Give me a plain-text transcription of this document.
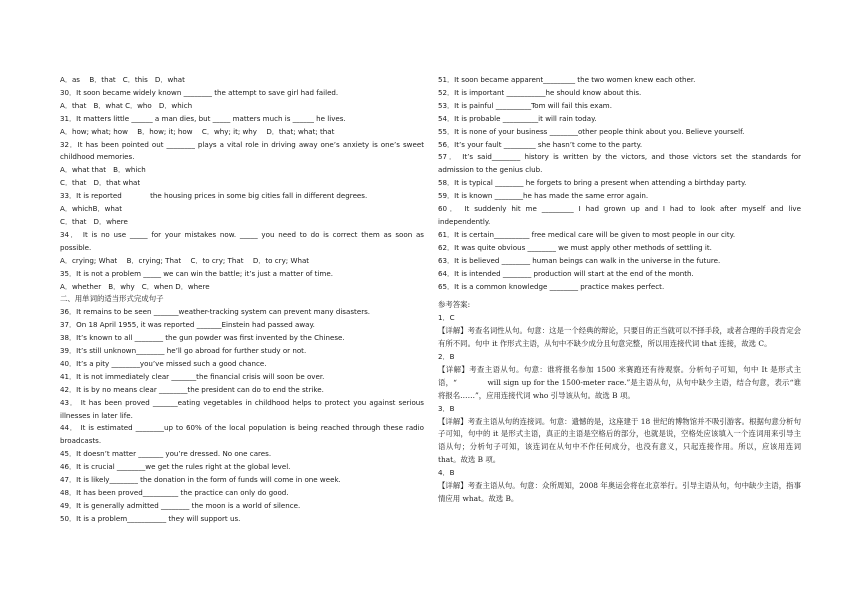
A．as　 B．that　C．this　D．what
30．It soon became widely known ________ the attempt to save girl had failed.
A．that　B．what C．who　D．which
31．It matters little ______ a man dies, but _____ matters much is ______ he lives.
A．how; what; how　 B．how; it; how　 C．why; it; why　 D．that; what; that
32．It has been pointed out ________ plays a vital role in driving away one’s anxiety is one’s sweet childhood memories.
A．what that　B．which
C．that　D．that what
33．It is reported　　　　the housing prices in some big cities fall in different degrees.
A．whichB．what
C．that　D．where
34． It is no use _____ for your mistakes now. _____ you need to do is correct them as soon as possible.
A．crying; What　 B．crying; That　 C．to cry; That　 D．to cry; What
35．It is not a problem _____ we can win the battle; it’s just a matter of time.
A．whether　B．why　C．when D．where
二、用单词的适当形式完成句子
36．It remains to be seen _______weather-tracking system can prevent many disasters.
37．On 18 April 1955, it was reported _______Einstein had passed away.
38．It’s known to all ________ the gun powder was first invented by the Chinese.
39．It’s still unknown________ he’ll go abroad for further study or not.
40．It’s a pity ________you’ve missed such a good chance.
41．It is not immediately clear _______the financial crisis will soon be over.
42．It is by no means clear ________the president can do to end the strike.
43． It has been proved _______eating vegetables in childhood helps to protect you against serious illnesses in later life.
44． It is estimated ________up to 60% of the local population is being reached through these radio broadcasts.
45．It doesn’t matter _______ you’re dressed. No one cares.
46．It is crucial ________we get the rules right at the global level.
47．It is likely________ the donation in the form of funds will come in one week.
48．It has been proved__________ the practice can only do good.
49．It is generally admitted ________ the moon is a world of silence.
50．It is a problem___________ they will support us.
51．It soon became apparent_________ the two women knew each other.
52．It is important ___________he should know about this.
53．It is painful __________Tom will fail this exam.
54．It is probable __________it will rain today.
55．It is none of your business ________other people think about you. Believe yourself.
56．It’s your fault _________ she hasn’t come to the party.
57． It’s said________ history is written by the victors, and those victors set the standards for admission to the genius club.
58．It is typical ________ he forgets to bring a present when attending a birthday party.
59．It is known ________he has made the same error again.
60． It suddenly hit me _________ I had grown up and I had to look after myself and live independently.
61．It is certain__________ free medical care will be given to most people in our city.
62．It was quite obvious ________ we must apply other methods of settling it.
63．It is believed ________ human beings can walk in the universe in the future.
64．It is intended ________ production will start at the end of the month.
65．It is a common knowledge ________ practice makes perfect.
参考答案:
1．C
【详解】考查名词性从句。句意：这是一个经典的辩论，只要目的正当就可以不择手段，或者合理的手段肯定会有所不同。句中 it 作形式主语，从句中不缺少成分且句意完整，所以用连接代词 that 连接，故选 C。
2．B
【详解】考查主语从句。句意：谁将报名参加 1500 米赛跑还有待观察。分析句子可知，句中 It 是形式主语，“　　　　will sign up for the 1500-meter race.”是主语从句，从句中缺少主语，结合句意，表示“谁将报名……”，应用连接代词 who 引导该从句。故选 B 项。
3．B
【详解】考查主语从句的连接词。句意：遗憾的是，这座建于 18 世纪的博物馆并不吸引游客。根据句意分析句子可知，句中的 it 是形式主语，真正的主语是空格后的部分，也就是说，空格处应该填入一个连词用来引导主语从句；分析句子可知，该连词在从句中不作任何成分，也没有意义，只起连接作用。所以，应该用连词 that。故选 B 项。
4．B
【详解】考查主语从句。句意：众所周知，2008 年奥运会将在北京举行。引导主语从句，句中缺少主语，指事情应用 what。故选 B。
